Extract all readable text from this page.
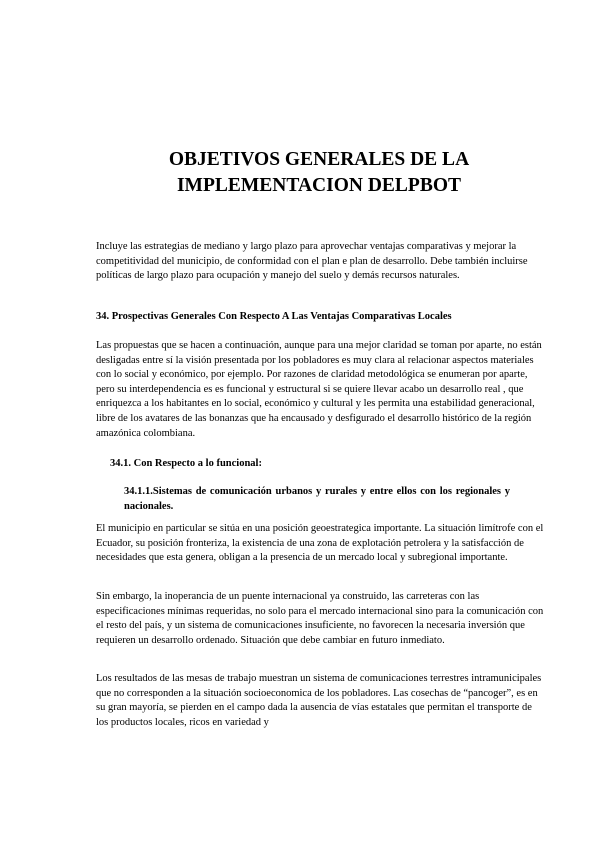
OBJETIVOS GENERALES DE LA
IMPLEMENTACION DELPBOT

Incluye las estrategias de mediano y largo plazo para aprovechar ventajas comparativas y mejorar la competitividad del municipio, de conformidad con el plan e plan de desarrollo. Debe también incluirse políticas de largo plazo para ocupación y manejo del suelo y demás recursos naturales.

34. Prospectivas Generales Con Respecto A Las Ventajas Comparativas Locales

Las propuestas que se hacen a continuación, aunque para una mejor claridad se toman por aparte, no están desligadas entre sí la visión presentada por los pobladores es muy clara al relacionar aspectos materiales con lo social y económico, por ejemplo. Por razones de claridad metodológica se enumeran por aparte, pero su interdependencia es es funcional y estructural si se quiere llevar acabo un desarrollo real , que enriquezca a los habitantes en lo social, económico y cultural y les permita una estabilidad generacional, libre de los avatares de las bonanzas que ha encausado y desfigurado el desarrollo histórico de la región amazónica colombiana.

34.1. Con Respecto a lo funcional:

34.1.1.Sistemas de comunicación urbanos y rurales y entre ellos con los regionales y nacionales.

El municipio en particular se sitúa en una posición geoestrategica importante. La situación limítrofe con el Ecuador, su posición fronteriza, la existencia de una zona de explotación petrolera y la satisfacción de necesidades que esta genera, obligan a la presencia de un mercado local y subregional importante.

Sin embargo, la inoperancia de un puente internacional ya construido, las carreteras con las especificaciones mínimas requeridas, no solo para el mercado internacional sino para la comunicación con el resto del país, y un sistema de comunicaciones insuficiente, no favorecen la necesaria inversión que requieren un desarrollo ordenado. Situación que debe cambiar en futuro inmediato.

Los resultados de las mesas de trabajo muestran un sistema de comunicaciones terrestres intramunicipales que no corresponden a la situación socioeconomica de los pobladores. Las cosechas de “pancoger”, es en su gran mayoría, se pierden en el campo dada la ausencia de vías estatales que permitan el transporte de los productos locales, ricos en variedad y
